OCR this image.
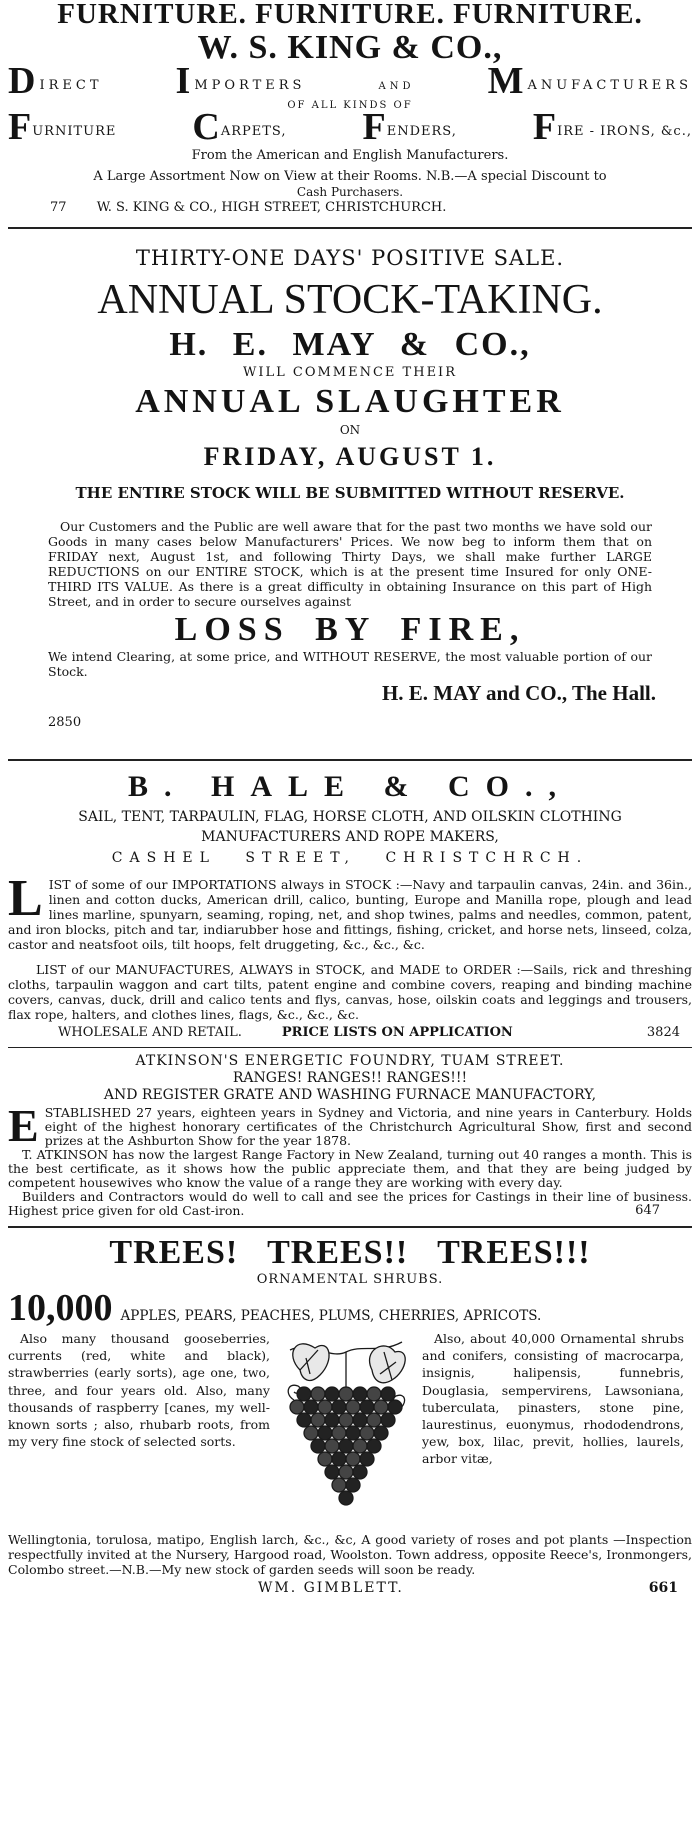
FURNITURE. FURNITURE. FURNITURE.
W. S. KING & CO.,
DIRECT IMPORTERS	AND MANUFACTURERS
OF ALL KINDS OF
FURNITURE CARPETS, FENDERS, FIRE - IRONS, &c.,
From the American and English Manufacturers.
A Large Assortment Now on View at their Rooms. N.B.—A special Discount to
Cash Purchasers.
77 W. S. KING & CO., HIGH STREET, CHRISTCHURCH.
THIRTY-ONE DAYS' POSITIVE SALE.
ANNUAL STOCK-TAKING.
H. E. MAY & CO.,
WILL COMMENCE THEIR
ANNUAL SLAUGHTER
ON
FRIDAY, AUGUST 1.
THE ENTIRE STOCK WILL BE SUBMITTED WITHOUT RESERVE.

Our Customers and the Public are well aware that for the past two months we have sold our Goods in many cases below Manufacturers' Prices. We now beg to inform them that on FRIDAY next, August 1st, and following Thirty Days, we shall make further LARGE REDUCTIONS on our ENTIRE STOCK, which is at the present time Insured for only ONE-THIRD ITS VALUE. As there is a great difficulty in obtaining Insurance on this part of High Street, and in order to secure ourselves against

LOSS BY FIRE,

We intend Clearing, at some price, and WITHOUT RESERVE, the most valuable portion of our Stock.

H. E. MAY and CO., The Hall.
2850
B. HALE & CO.,
SAIL, TENT, TARPAULIN, FLAG, HORSE CLOTH, AND OILSKIN CLOTHING
MANUFACTURERS AND ROPE MAKERS,
CASHEL STREET, CHRISTCHRCH.
LIST of some of our IMPORTATIONS always in STOCK :—Navy and tarpaulin canvas, 24in. and 36in., linen and cotton ducks, American drill, calico, bunting, Europe and Manilla rope, plough and lead lines marline, spunyarn, seaming, roping, net, and shop twines, palms and needles, common, patent, and iron blocks, pitch and tar, indiarubber hose and fittings, fishing, cricket, and horse nets, linseed, colza, castor and neatsfoot oils, tilt hoops, felt druggeting, &c., &c., &c.

LIST of our MANUFACTURES, ALWAYS in STOCK, and MADE to ORDER :—Sails, rick and threshing cloths, tarpaulin waggon and cart tilts, patent engine and combine covers, reaping and binding machine covers, canvas, duck, drill and calico tents and flys, canvas, hose, oilskin coats and leggings and trousers, flax rope, halters, and clothes lines, flags, &c., &c., &c.

WHOLESALE AND RETAIL.	PRICE LISTS ON APPLICATION	3824
ATKINSON'S ENERGETIC FOUNDRY, TUAM STREET.
RANGES! RANGES!! RANGES!!!
AND REGISTER GRATE AND WASHING FURNACE MANUFACTORY,
ESTABLISHED 27 years, eighteen years in Sydney and Victoria, and nine years in Canterbury. Holds eight of the highest honorary certificates of the Christchurch Agricultural Show, first and second prizes at the Ashburton Show for the year 1878.

T. ATKINSON has now the largest Range Factory in New Zealand, turning out 40 ranges a month. This is the best certificate, as it shows how the public appreciate them, and that they are being judged by competent housewives who know the value of a range they are working with every day.

Builders and Contractors would do well to call and see the prices for Castings in their line of business. Highest price given for old Cast-iron.	647
TREES! TREES!! TREES!!!
ORNAMENTAL SHRUBS.
10,000 APPLES, PEARS, PEACHES, PLUMS, CHERRIES, APRICOTS.

Also many thousand gooseberries, currents (red, white and black), strawberries (early sorts), age one, two, three, and four years old. Also, many thousands of raspberry [canes, my well-known sorts ; also, rhubarb roots, from my very fine stock of selected sorts.

Also, about 40,000 Ornamental shrubs and conifers, consisting of macrocarpa, insignis, halipensis, funnebris, Douglasia, sempervirens, Lawsoniana, tuberculata, pinasters, stone pine, laurestinus, euonymus, rhododendrons, yew, box, lilac, previt, hollies, laurels, arbor vitæ,

Wellingtonia, torulosa, matipo, English larch, &c., &c, A good variety of roses and pot plants —Inspection respectfully invited at the Nursery, Hargood road, Woolston. Town address, opposite Reece's, Ironmongers, Colombo street.—N.B.—My new stock of garden seeds will soon be ready.

WM. GIMBLETT.	661
